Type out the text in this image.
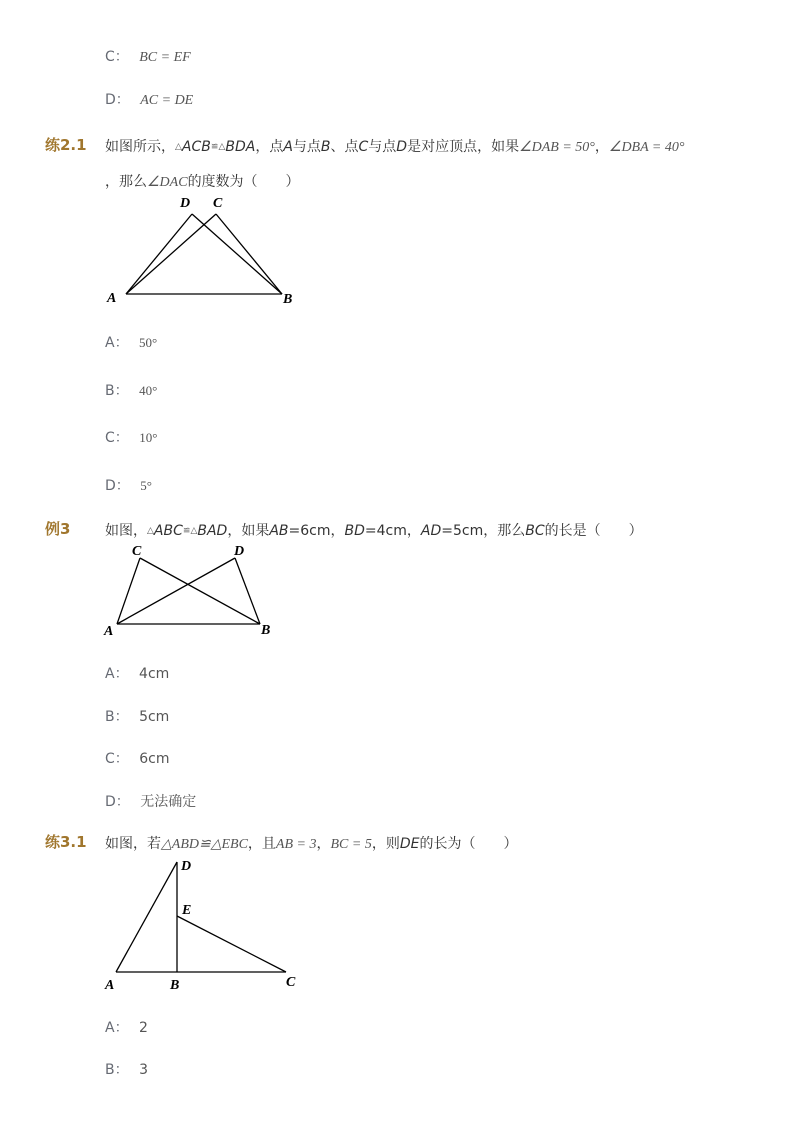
C： BC = EF
D： AC = DE
练2.1 如图所示，△ACB≌△BDA，点A与点B、点C与点D是对应顶点，如果∠DAB = 50°，∠DBA = 40°
，那么∠DAC的度数为（　　）
D C
A	B
A： 50°
B： 40°
C： 10°
D： 5°
例3 如图，△ABC≌△BAD，如果AB=6cm，BD=4cm，AD=5cm，那么BC的长是（　　）
C	D
A	B
A： 4cm
B： 5cm
C： 6cm
D： 无法确定
练3.1 如图，若△ABD≌△EBC，且AB = 3，BC = 5，则DE的长为（　　）
D
E
A	B	C
A： 2
B： 3
